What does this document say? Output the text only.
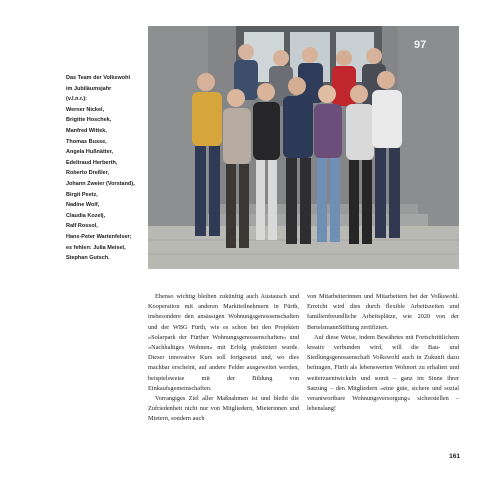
Das Team der Volkswohl
im Jubiläumsjahr
(v.l.n.r.):
Werner Nickel,
Brigitte Hoschek,
Manfred Wittek,
Thomas Busse,
Angela Hußnätter,
Edeltraud Herberth,
Roberto Dreßler,
Johann Zweier (Vorstand),
Birgit Peetz,
Nadine Wolf,
Claudia Kozelj,
Ralf Rossol,
Hans-Peter Wartenfelser;
es fehlen: Julia Meisel,
Stephan Gutsch.
97

Ebenso wichtig bleiben zukünftig auch Austausch und Kooperation mit anderen Marktteilnehmern in Fürth, insbesondere den ansässigen Wohnungsgenossenschaften und der WBG Fürth, wie es schon bei den Projekten »Solarpark der Fürther Wohnungsgenossenschaften« und »Nachhaltiges Wohnen« mit Erfolg praktiziert wurde. Dieser innovative Kurs soll fortgesetzt und, wo dies machbar erscheint, auf andere Felder ausgeweitet werden, beispielsweise mit der Bildung von Einkaufsgemeinschaften.

Vorrangiges Ziel aller Maßnahmen ist und bleibt die Zufriedenheit nicht nur von Mitgliedern, Mieterinnen und Mietern, sondern auch

von Mitarbeiterinnen und Mitarbeitern bei der Volkswohl. Erreicht wird dies durch flexible Arbeitszeiten und familienfreundliche Arbeitsplätze, wie 2020 von der BertelsmannStiftung zertifiziert.

Auf diese Weise, indem Bewährtes mit Fortschrittlichem kreativ verbunden wird, will die Bau- und Siedlungsgenossenschaft Volkswohl auch in Zukunft dazu beitragen, Fürth als lebenswerten Wohnort zu erhalten und weiterzuentwickeln und somit – ganz im Sinne ihrer Satzung – den Mitgliedern »eine gute, sichere und sozial verantwortbare Wohnungsversorgung« sicherstellen – lebenslang!

161
